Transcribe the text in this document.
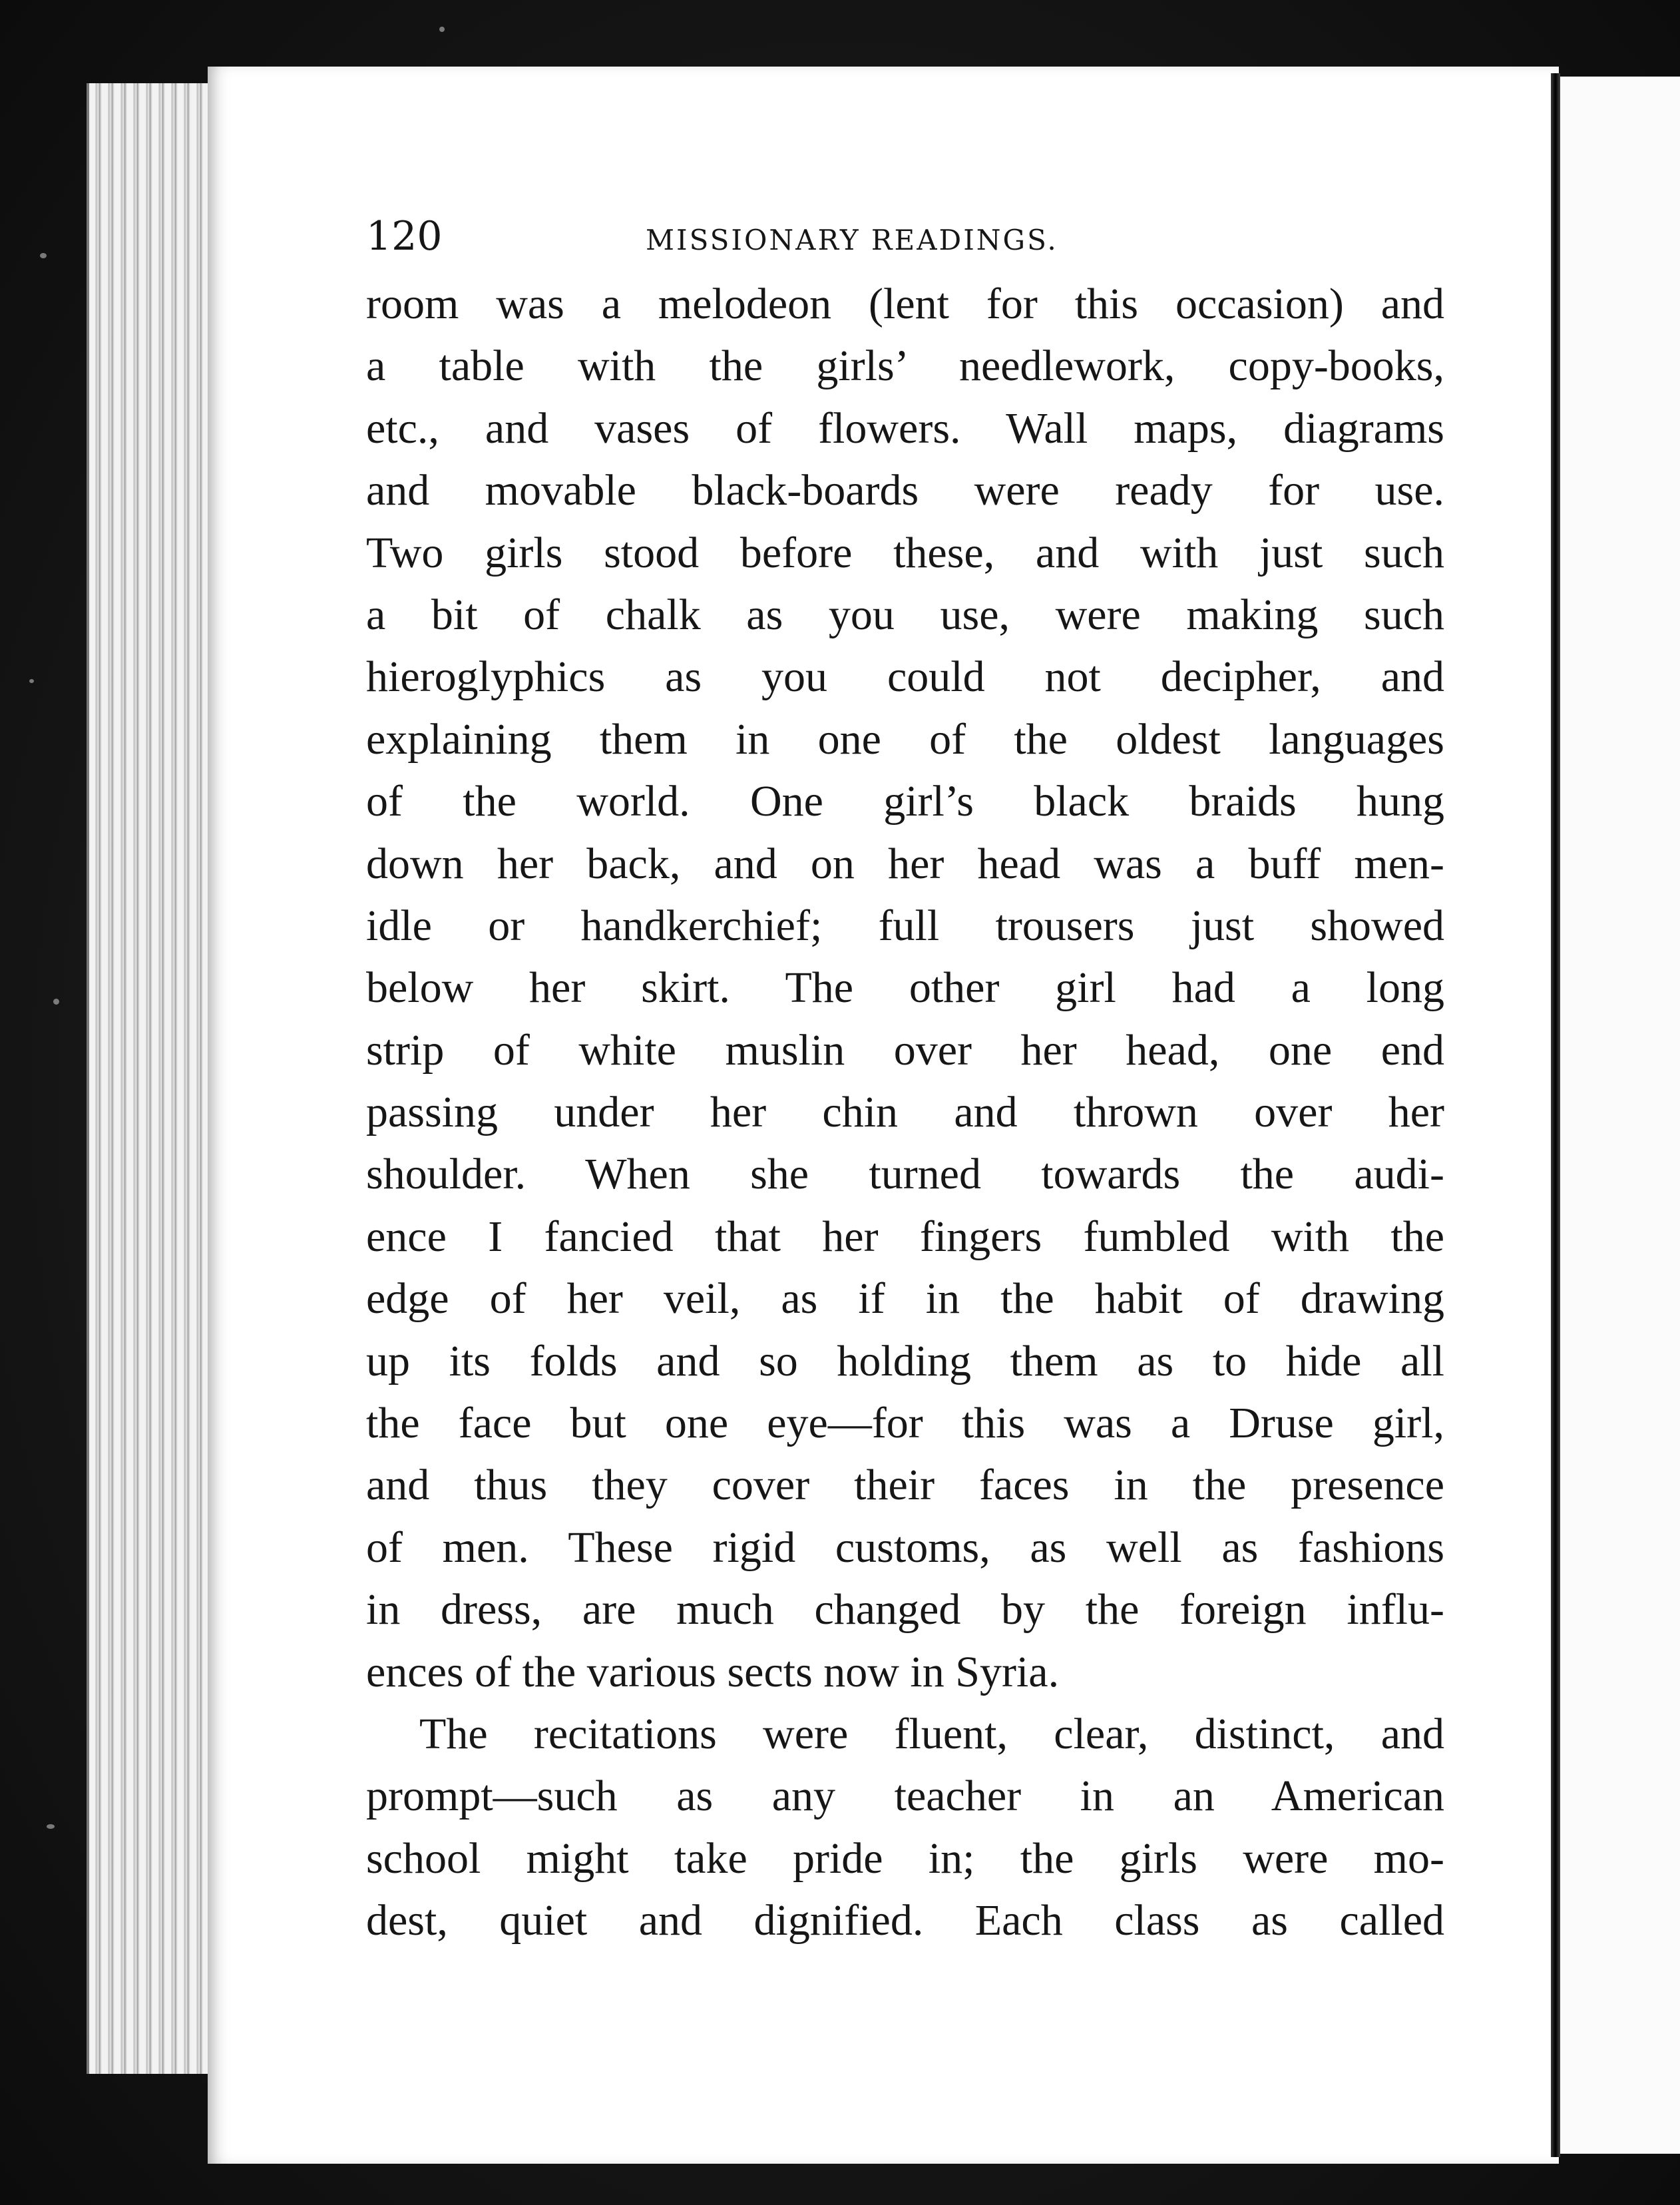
120	MISSIONARY READINGS.
room was a melodeon (lent for this occasion) and
a table with the girls’ needlework, copy-books,
etc., and vases of flowers. Wall maps, diagrams
and movable black-boards were ready for use.
Two girls stood before these, and with just such
a bit of chalk as you use, were making such
hieroglyphics as you could not decipher, and
explaining them in one of the oldest languages
of the world. One girl’s black braids hung
down her back, and on her head was a buff men-
idle or handkerchief; full trousers just showed
below her skirt. The other girl had a long
strip of white muslin over her head, one end
passing under her chin and thrown over her
shoulder. When she turned towards the audi-
ence I fancied that her fingers fumbled with the
edge of her veil, as if in the habit of drawing
up its folds and so holding them as to hide all
the face but one eye—for this was a Druse girl,
and thus they cover their faces in the presence
of men. These rigid customs, as well as fashions
in dress, are much changed by the foreign influ-
ences of the various sects now in Syria.
The recitations were fluent, clear, distinct, and
prompt—such as any teacher in an American
school might take pride in; the girls were mo-
dest, quiet and dignified. Each class as called
